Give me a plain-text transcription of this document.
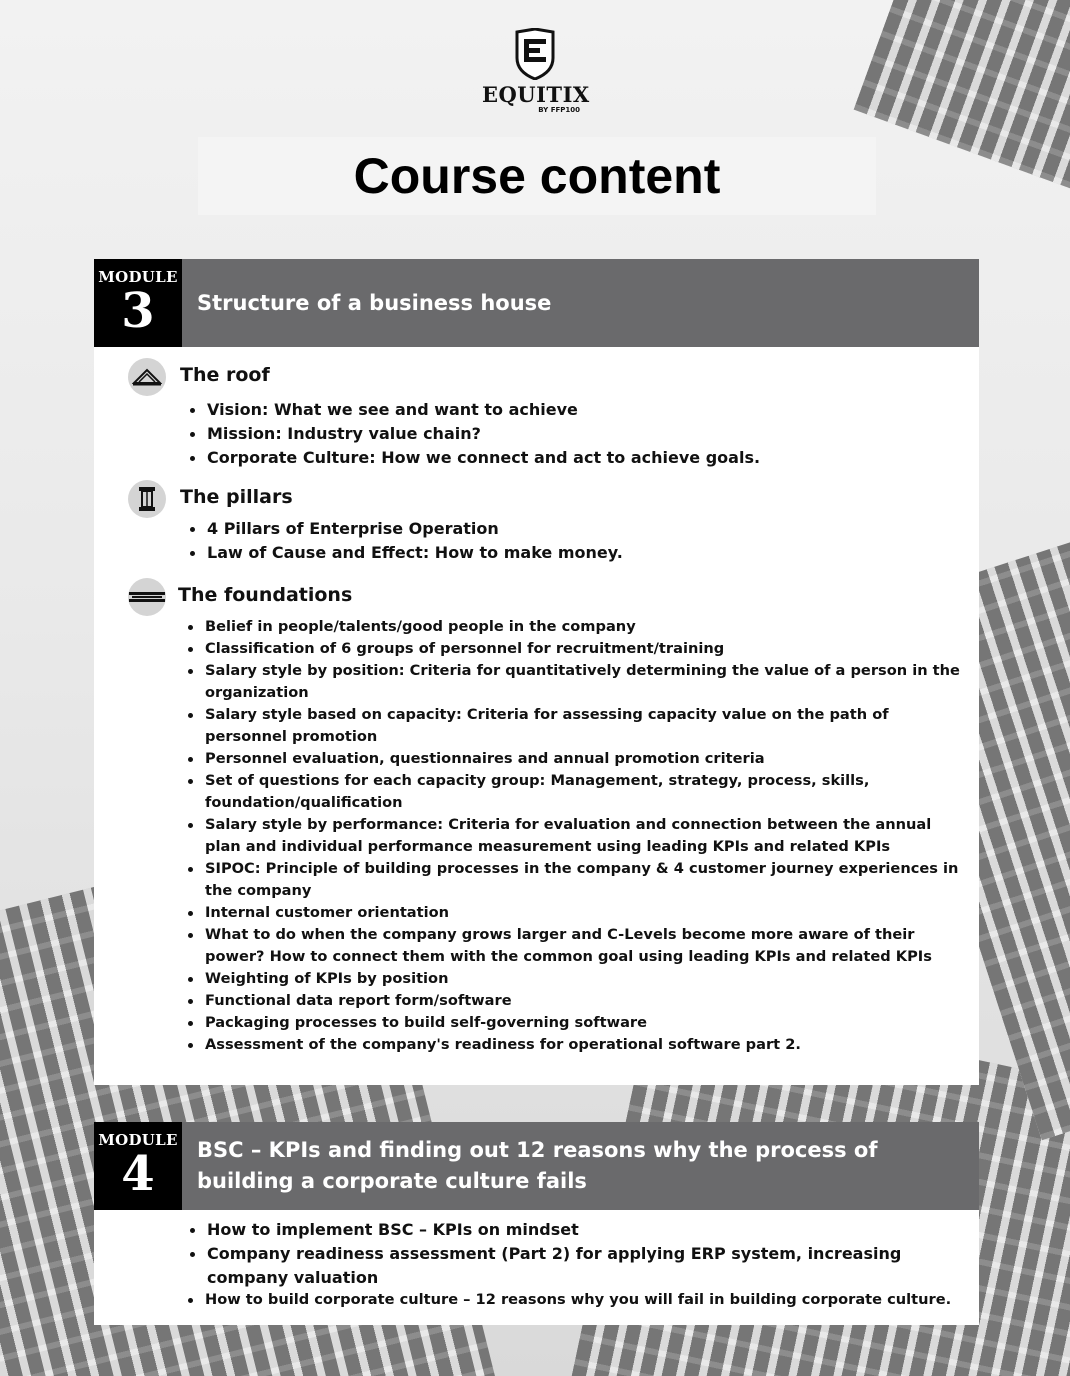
EQUITIX
BY FFP100
Course content
MODULE
3	Structure of a business house
The roof
Vision: What we see and want to achieve
Mission: Industry value chain?
Corporate Culture: How we connect and act to achieve goals.
The pillars
4 Pillars of Enterprise Operation
Law of Cause and Effect: How to make money.
The foundations
Belief in people/talents/good people in the company
Classification of 6 groups of personnel for recruitment/training
Salary style by position: Criteria for quantitatively determining the value of a person in the organization
Salary style based on capacity: Criteria for assessing capacity value on the path of personnel promotion
Personnel evaluation, questionnaires and annual promotion criteria
Set of questions for each capacity group: Management, strategy, process, skills, foundation/qualification
Salary style by performance: Criteria for evaluation and connection between the annual plan and individual performance measurement using leading KPIs and related KPIs
SIPOC: Principle of building processes in the company & 4 customer journey experiences in the company
Internal customer orientation
What to do when the company grows larger and C-Levels become more aware of their power? How to connect them with the common goal using leading KPIs and related KPIs
Weighting of KPIs by position
Functional data report form/software
Packaging processes to build self-governing software
Assessment of the company's readiness for operational software part 2.
MODULE
4	BSC – KPIs and finding out 12 reasons why the process of building a corporate culture fails
How to implement BSC – KPIs on mindset
Company readiness assessment (Part 2) for applying ERP system, increasing company valuation
How to build corporate culture – 12 reasons why you will fail in building corporate culture.
